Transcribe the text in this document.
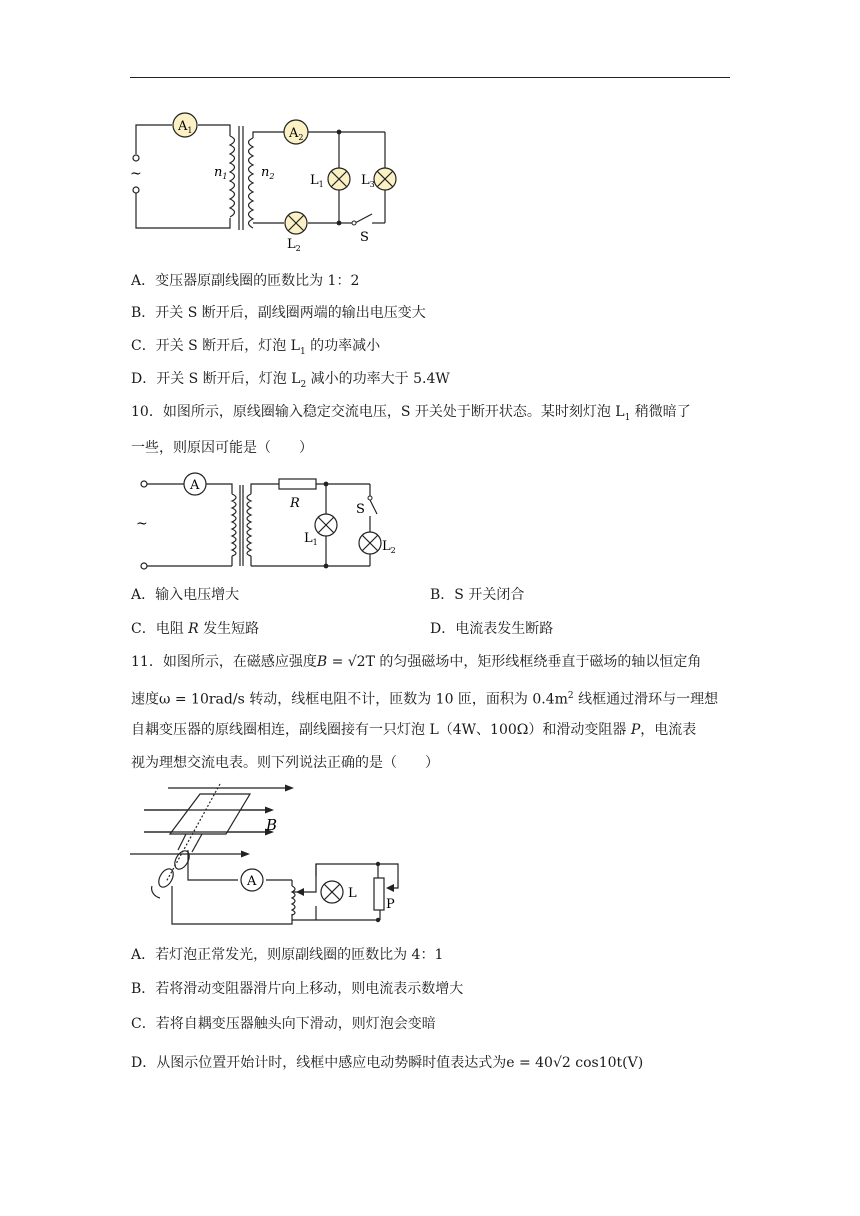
$A_1$	$A_2$
~	$n_1$	$n_2$	$L_1$	$L_3$
$L_2$
S
A．变压器原副线圈的匝数比为 1：2
B．开关 S 断开后，副线圈两端的输出电压变大
C．开关 S 断开后，灯泡 $L_1$ 的功率减小
D．开关 S 断开后，灯泡 $L_2$ 减小的功率大于 5.4W
10．如图所示，原线圈输入稳定交流电压，S 开关处于断开状态。某时刻灯泡 $L_1$ 稍微暗了
一些，则原因可能是（　　）
A
~
R	S
$L_1$	$L_2$
A．输入电压增大	B．S 开关闭合
C．电阻 R 发生短路	D．电流表发生断路
11．如图所示，在磁感应强度B = √2T 的匀强磁场中，矩形线框绕垂直于磁场的轴以恒定角
速度ω = 10rad/s 转动，线框电阻不计，匝数为 10 匝，面积为 $0.4m^2$ 线框通过滑环与一理想
自耦变压器的原线圈相连，副线圈接有一只灯泡 L（4W、100Ω）和滑动变阻器 P，电流表
视为理想交流电表。则下列说法正确的是（　　）
B
A
L
P
A．若灯泡正常发光，则原副线圈的匝数比为 4：1
B．若将滑动变阻器滑片向上移动，则电流表示数增大
C．若将自耦变压器触头向下滑动，则灯泡会变暗
D．从图示位置开始计时，线框中感应电动势瞬时值表达式为e = 40√2 cos10t(V)
